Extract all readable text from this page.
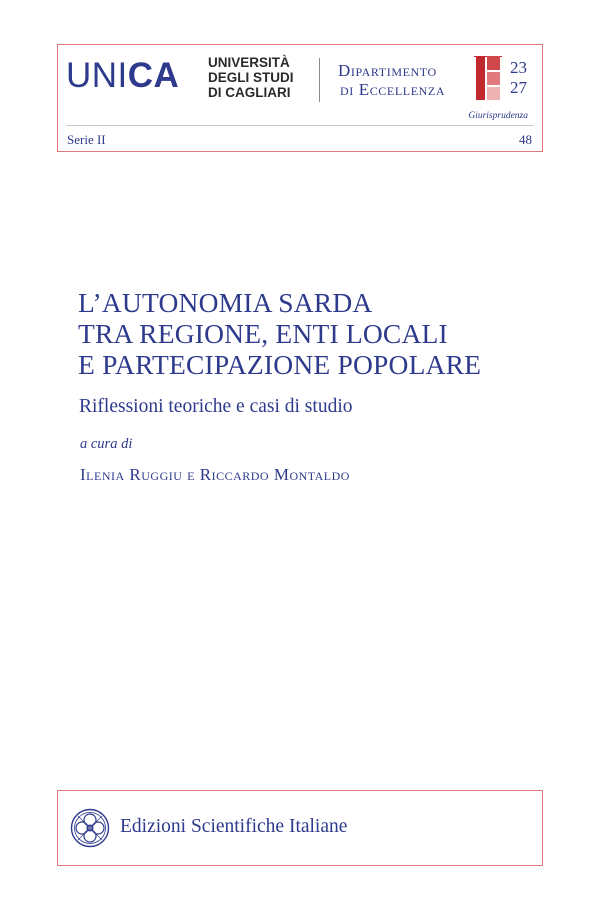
UNICA UNIVERSITÀ
DEGLI STUDI
DI CAGLIARI
Dipartimento
di Eccellenza
23
27
Giurisprudenza
Serie II	48
L’AUTONOMIA SARDA
TRA REGIONE, ENTI LOCALI
E PARTECIPAZIONE POPOLARE
Riflessioni teoriche e casi di studio
a cura di
Ilenia Ruggiu e Riccardo Montaldo
Edizioni Scientifiche Italiane
